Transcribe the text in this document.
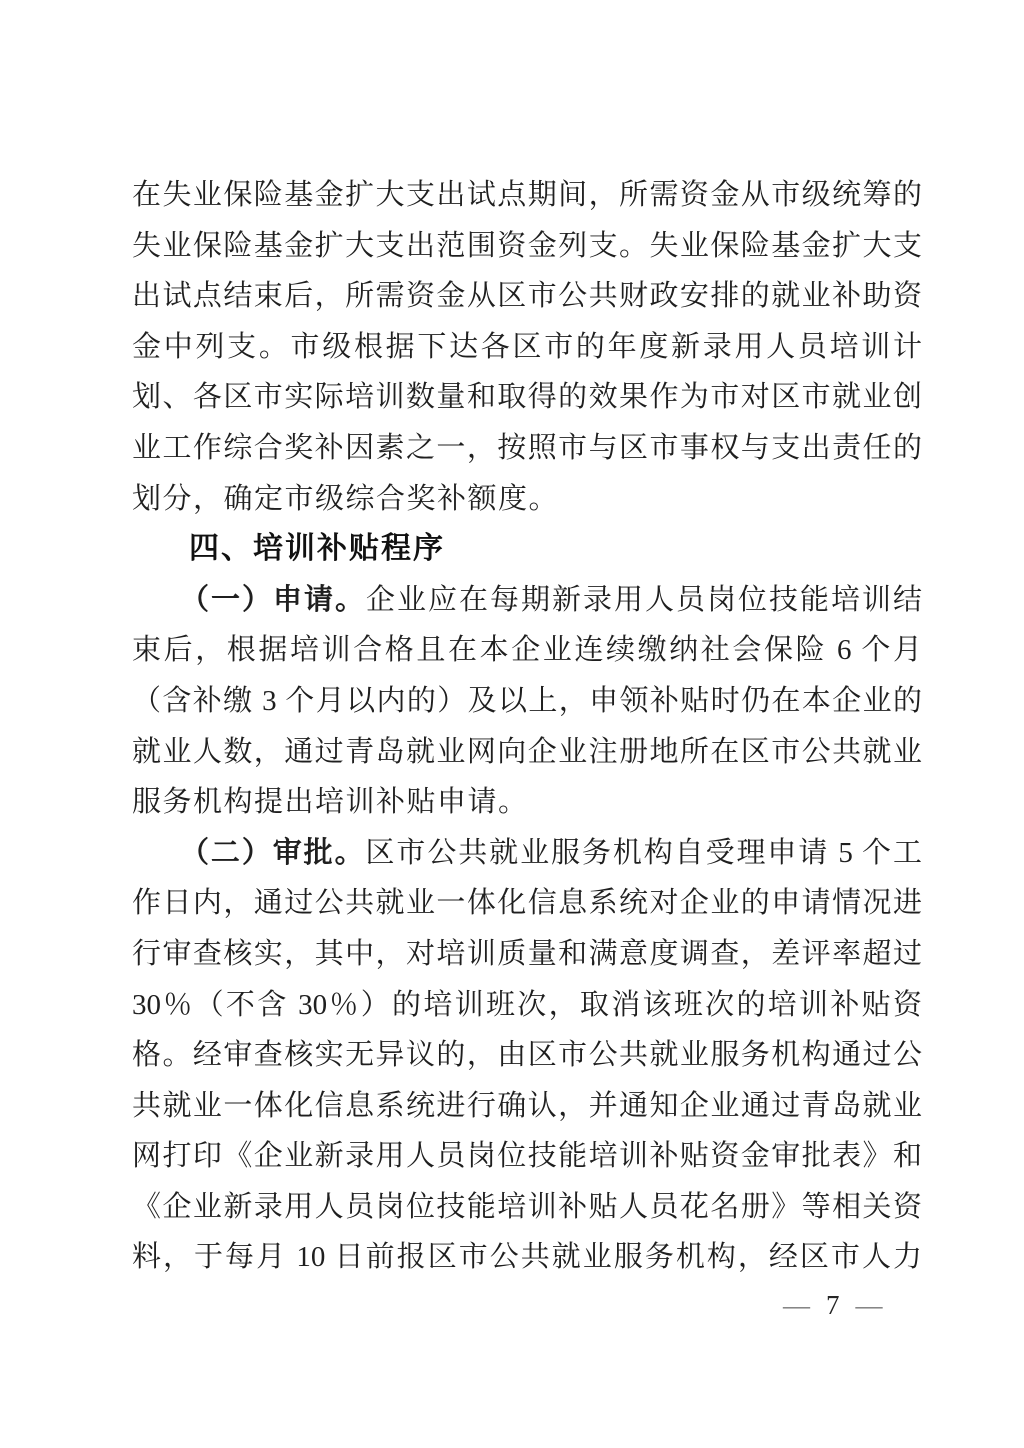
在失业保险基金扩大支出试点期间，所需资金从市级统筹的
失业保险基金扩大支出范围资金列支。失业保险基金扩大支
出试点结束后，所需资金从区市公共财政安排的就业补助资
金中列支。市级根据下达各区市的年度新录用人员培训计
划、各区市实际培训数量和取得的效果作为市对区市就业创
业工作综合奖补因素之一，按照市与区市事权与支出责任的
划分，确定市级综合奖补额度。
四、培训补贴程序
（一）申请。企业应在每期新录用人员岗位技能培训结
束后，根据培训合格且在本企业连续缴纳社会保险 6 个月
（含补缴 3 个月以内的）及以上，申领补贴时仍在本企业的
就业人数，通过青岛就业网向企业注册地所在区市公共就业
服务机构提出培训补贴申请。
（二）审批。区市公共就业服务机构自受理申请 5 个工
作日内，通过公共就业一体化信息系统对企业的申请情况进
行审查核实，其中，对培训质量和满意度调查，差评率超过
30％（不含 30％）的培训班次，取消该班次的培训补贴资
格。经审查核实无异议的，由区市公共就业服务机构通过公
共就业一体化信息系统进行确认，并通知企业通过青岛就业
网打印《企业新录用人员岗位技能培训补贴资金审批表》和
《企业新录用人员岗位技能培训补贴人员花名册》等相关资
料，于每月 10 日前报区市公共就业服务机构，经区市人力
— 7 —
